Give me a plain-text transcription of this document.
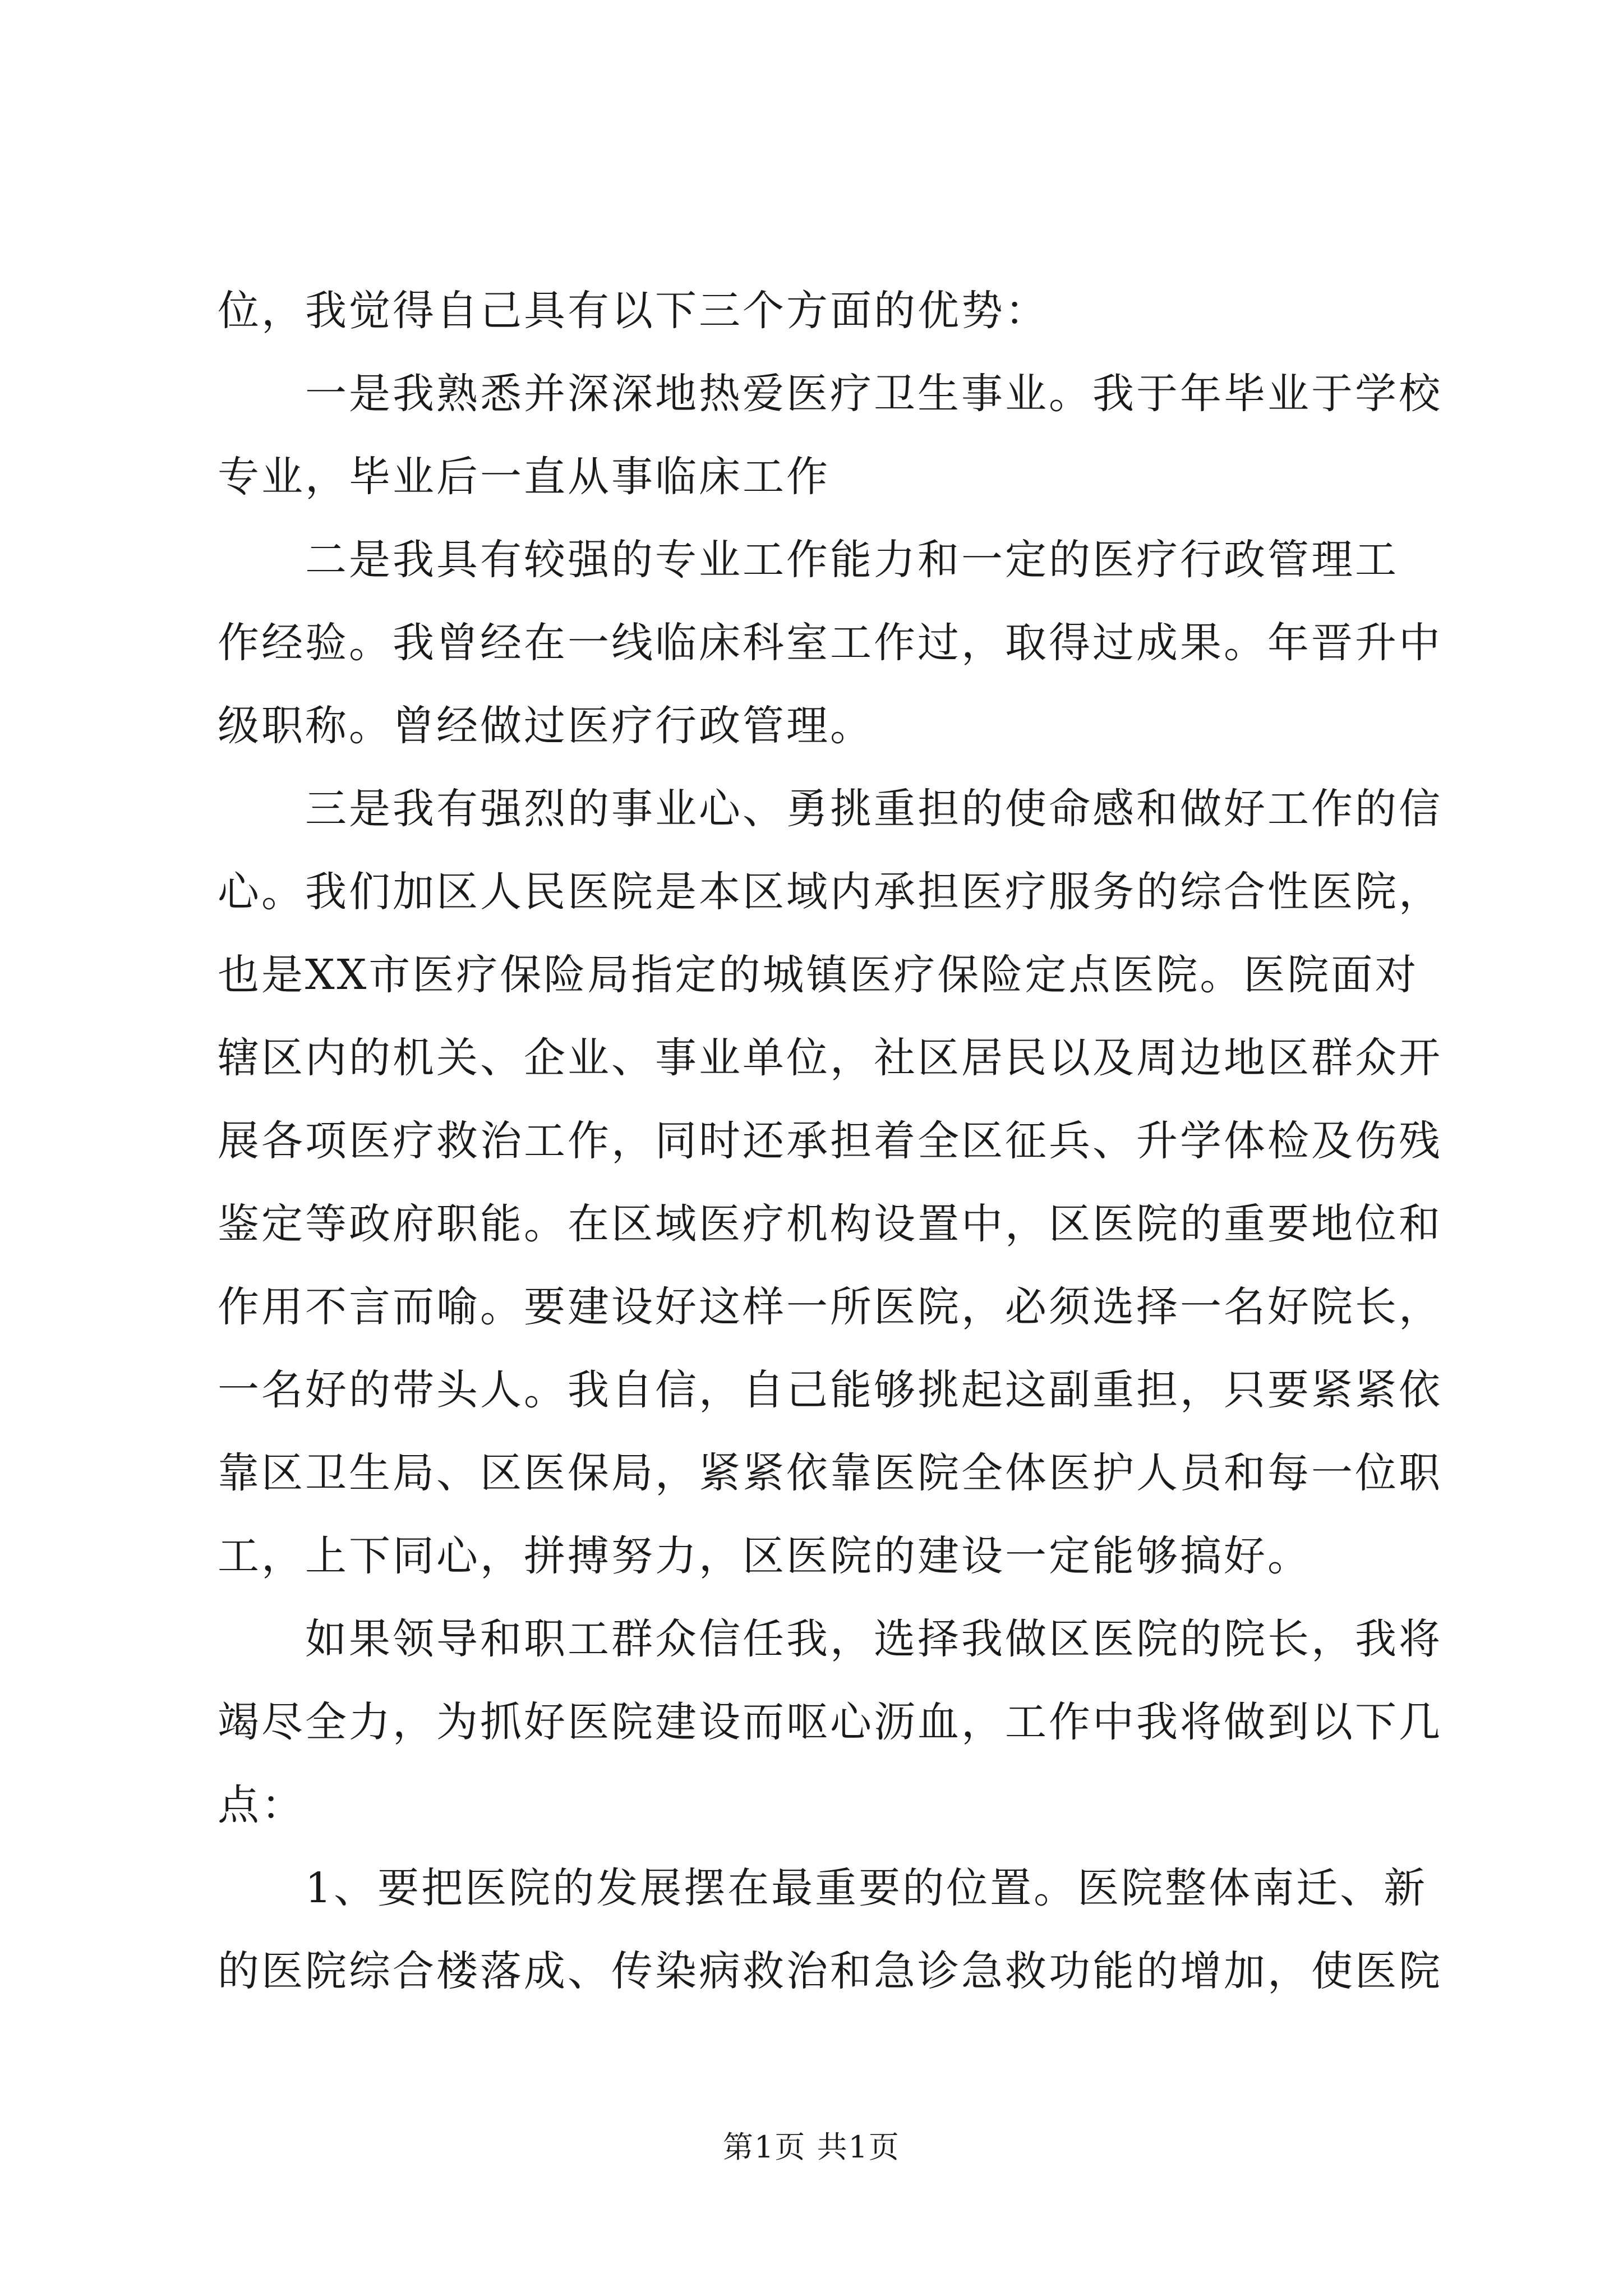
位，我觉得自己具有以下三个方面的优势：
　　一是我熟悉并深深地热爱医疗卫生事业。我于年毕业于学校
专业，毕业后一直从事临床工作
　　二是我具有较强的专业工作能力和一定的医疗行政管理工
作经验。我曾经在一线临床科室工作过，取得过成果。年晋升中
级职称。曾经做过医疗行政管理。
　　三是我有强烈的事业心、勇挑重担的使命感和做好工作的信
心。我们加区人民医院是本区域内承担医疗服务的综合性医院，
也是XX市医疗保险局指定的城镇医疗保险定点医院。医院面对
辖区内的机关、企业、事业单位，社区居民以及周边地区群众开
展各项医疗救治工作，同时还承担着全区征兵、升学体检及伤残
鉴定等政府职能。在区域医疗机构设置中，区医院的重要地位和
作用不言而喻。要建设好这样一所医院，必须选择一名好院长，
一名好的带头人。我自信，自己能够挑起这副重担，只要紧紧依
靠区卫生局、区医保局，紧紧依靠医院全体医护人员和每一位职
工，上下同心，拼搏努力，区医院的建设一定能够搞好。
　　如果领导和职工群众信任我，选择我做区医院的院长，我将
竭尽全力，为抓好医院建设而呕心沥血，工作中我将做到以下几
点：
　　1、要把医院的发展摆在最重要的位置。医院整体南迁、新
的医院综合楼落成、传染病救治和急诊急救功能的增加，使医院
第1页 共1页
